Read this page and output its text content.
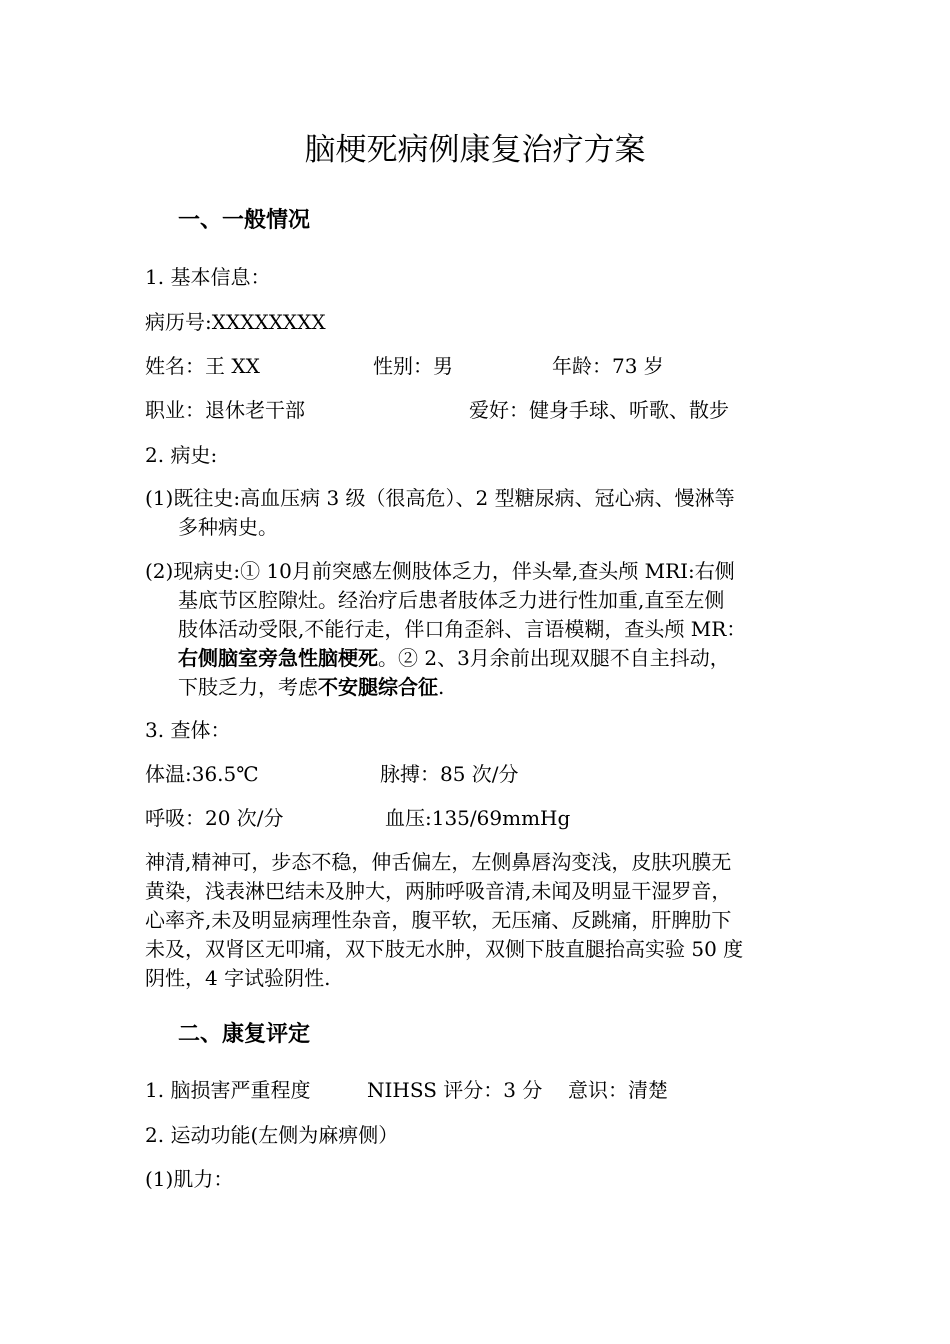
脑梗死病例康复治疗方案
一、一般情况
1. 基本信息：
病历号:XXXXXXXX
姓名：王 XX	性别：男	年龄：73 岁
职业：退休老干部	爱好：健身手球、听歌、散步
2. 病史:
(1)既往史:高血压病 3 级（很高危）、2 型糖尿病、冠心病、慢淋等
多种病史。
(2)现病史:① 10月前突感左侧肢体乏力，伴头晕,查头颅 MRI:右侧
基底节区腔隙灶。经治疗后患者肢体乏力进行性加重,直至左侧
肢体活动受限,不能行走，伴口角歪斜、言语模糊，查头颅 MR：
右侧脑室旁急性脑梗死。② 2、3月余前出现双腿不自主抖动，
下肢乏力，考虑不安腿综合征.
3. 查体：
体温:36.5℃	脉搏：85 次/分
呼吸：20 次/分	血压:135/69mmHg
神清,精神可，步态不稳，伸舌偏左，左侧鼻唇沟变浅，皮肤巩膜无
黄染，浅表淋巴结未及肿大，两肺呼吸音清,未闻及明显干湿罗音，
心率齐,未及明显病理性杂音，腹平软，无压痛、反跳痛，肝脾肋下
未及，双肾区无叩痛，双下肢无水肿，双侧下肢直腿抬高实验 50 度
阴性，4 字试验阴性.
二、康复评定
1. 脑损害严重程度	NIHSS 评分：3 分 意识：清楚
2. 运动功能(左侧为麻痹侧）
(1)肌力：
